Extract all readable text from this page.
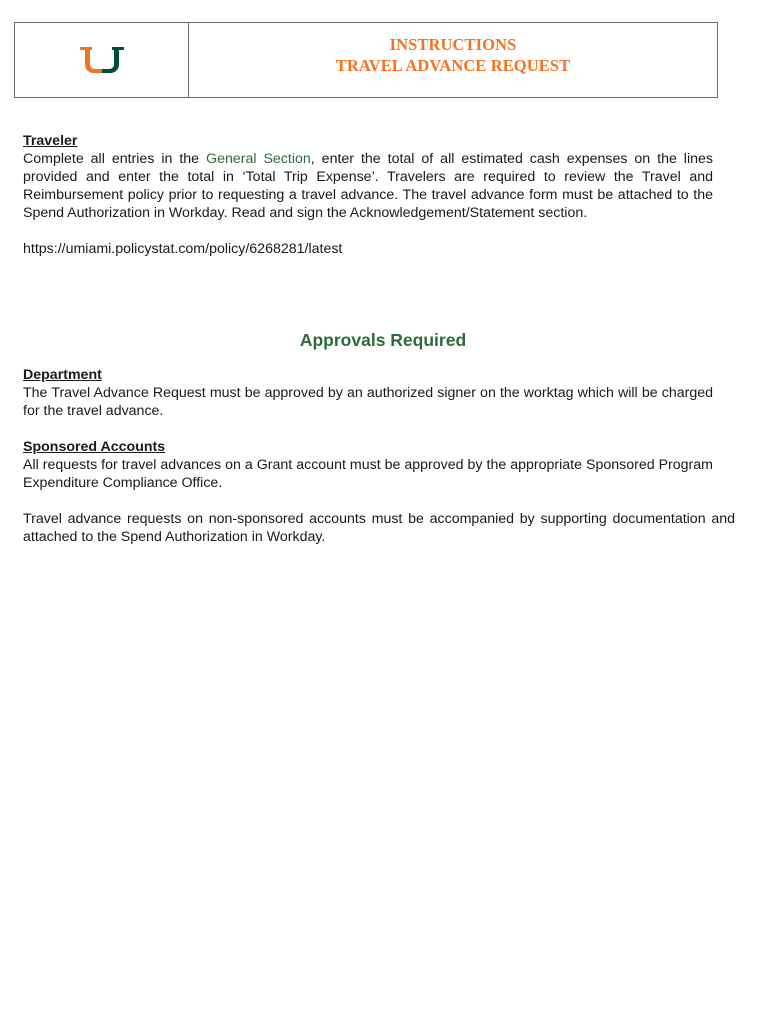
INSTRUCTIONS
TRAVEL ADVANCE REQUEST
Traveler

Complete all entries in the General Section, enter the total of all estimated cash expenses on the lines provided and enter the total in ‘Total Trip Expense’. Travelers are required to review the Travel and Reimbursement policy prior to requesting a travel advance. The travel advance form must be attached to the Spend Authorization in Workday. Read and sign the Acknowledgement/Statement section.

https://umiami.policystat.com/policy/6268281/latest

Approvals Required
Department

The Travel Advance Request must be approved by an authorized signer on the worktag which will be charged for the travel advance.

Sponsored Accounts

All requests for travel advances on a Grant account must be approved by the appropriate Sponsored Program Expenditure Compliance Office.

Travel advance requests on non-sponsored accounts must be accompanied by supporting documentation and attached to the Spend Authorization in Workday.
